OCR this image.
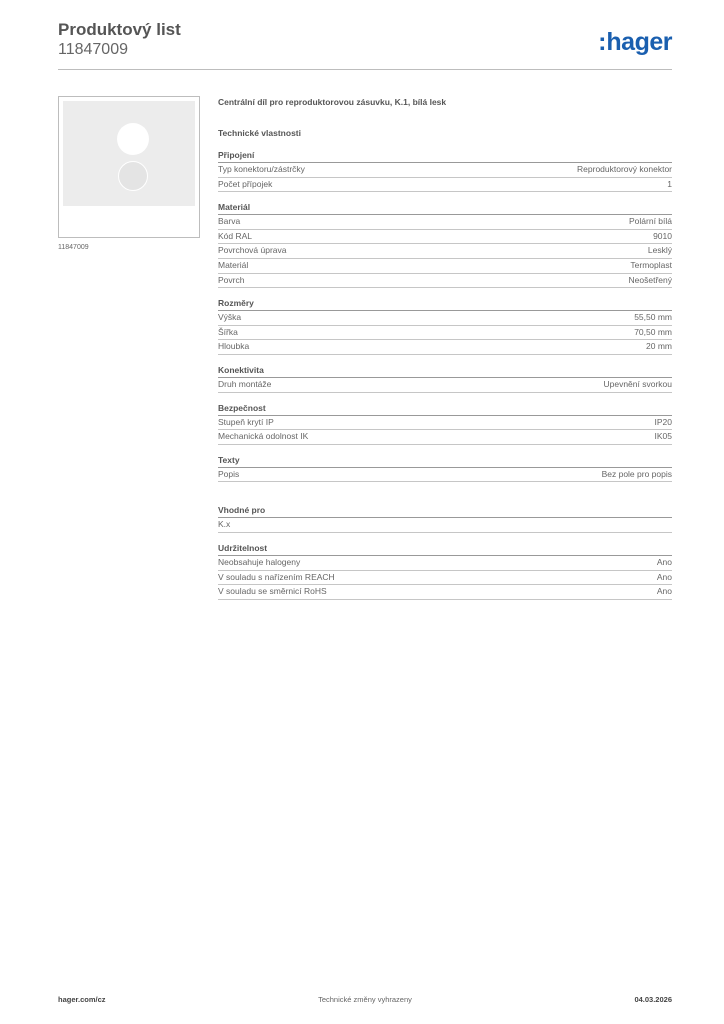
Produktový list
11847009	:hager
11847009
Centrální díl pro reproduktorovou zásuvku, K.1, bílá lesk
Technické vlastnosti
Připojení
Typ konektoru/zástrčky	Reproduktorový konektor
Počet přípojek	1
Materiál
Barva	Polární bílá
Kód RAL	9010
Povrchová úprava	Lesklý
Materiál	Termoplast
Povrch	Neošetřený
Rozměry
Výška	55,50 mm
Šířka	70,50 mm
Hloubka	20 mm
Konektivita
Druh montáže	Upevnění svorkou
Bezpečnost
Stupeň krytí IP	IP20
Mechanická odolnost IK	IK05
Texty
Popis	Bez pole pro popis
Vhodné pro
K.x
Udržitelnost
Neobsahuje halogeny	Ano
V souladu s nařízením REACH	Ano
V souladu se směrnicí RoHS	Ano
hager.com/cz	Technické změny vyhrazeny	04.03.2026
